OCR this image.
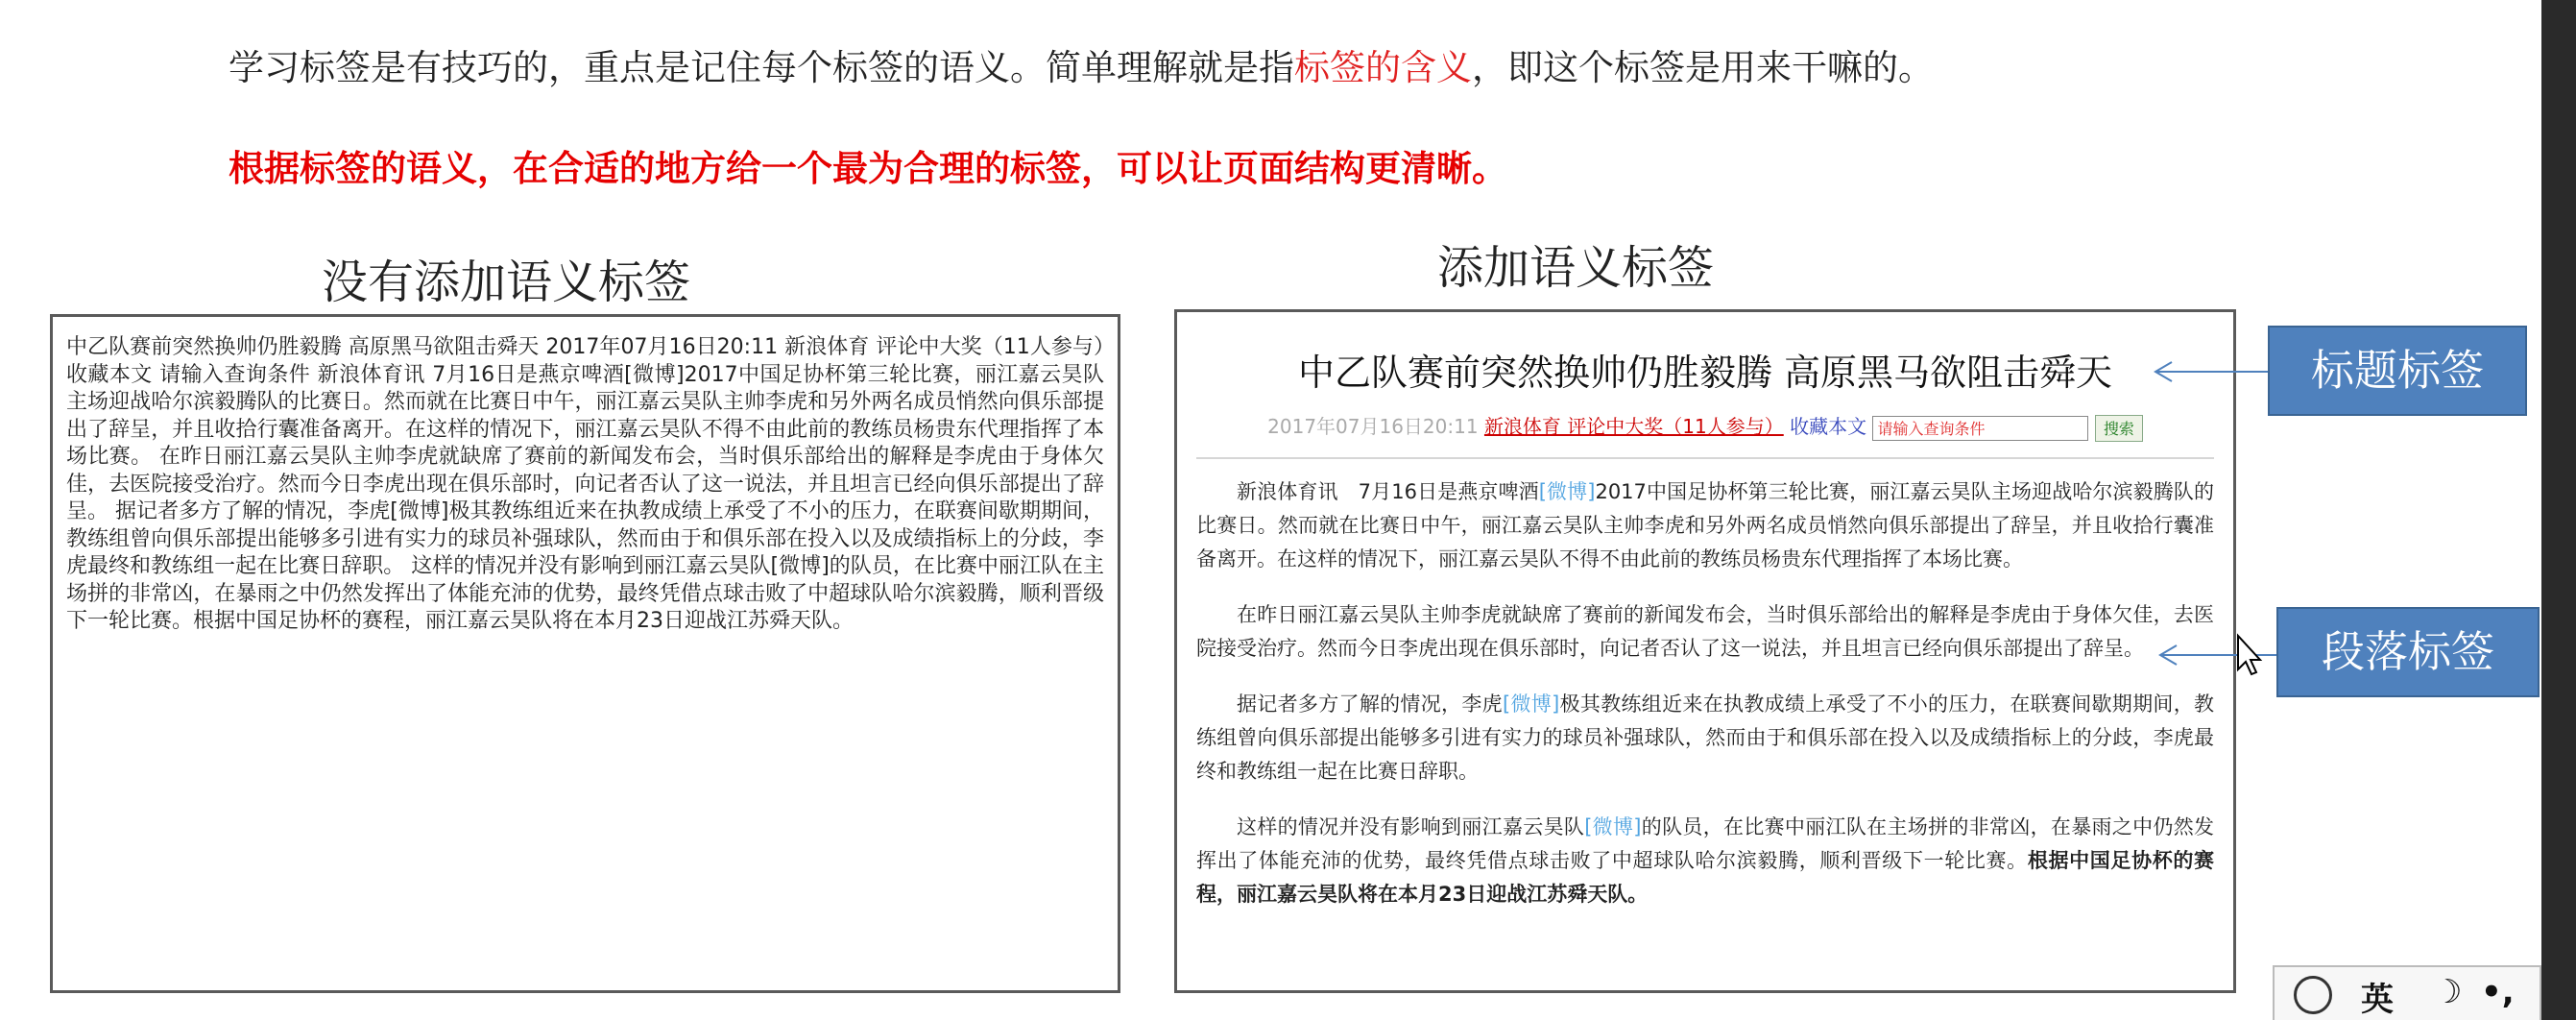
学习标签是有技巧的，重点是记住每个标签的语义。简单理解就是指标签的含义，即这个标签是用来干嘛的。
根据标签的语义，在合适的地方给一个最为合理的标签，可以让页面结构更清晰。
没有添加语义标签	添加语义标签
中乙队赛前突然换帅仍胜毅腾 高原黑马欲阻击舜天 2017年07月16日20:11 新浪体育 评论中大奖（11人参与）收藏本文 请输入查询条件 新浪体育讯 7月16日是燕京啤酒[微博]2017中国足协杯第三轮比赛，丽江嘉云昊队主场迎战哈尔滨毅腾队的比赛日。然而就在比赛日中午，丽江嘉云昊队主帅李虎和另外两名成员悄然向俱乐部提出了辞呈，并且收拾行囊准备离开。在这样的情况下，丽江嘉云昊队不得不由此前的教练员杨贵东代理指挥了本场比赛。 在昨日丽江嘉云昊队主帅李虎就缺席了赛前的新闻发布会，当时俱乐部给出的解释是李虎由于身体欠佳，去医院接受治疗。然而今日李虎出现在俱乐部时，向记者否认了这一说法，并且坦言已经向俱乐部提出了辞呈。 据记者多方了解的情况，李虎[微博]极其教练组近来在执教成绩上承受了不小的压力，在联赛间歇期期间，教练组曾向俱乐部提出能够多引进有实力的球员补强球队，然而由于和俱乐部在投入以及成绩指标上的分歧，李虎最终和教练组一起在比赛日辞职。 这样的情况并没有影响到丽江嘉云昊队[微博]的队员，在比赛中丽江队在主场拼的非常凶，在暴雨之中仍然发挥出了体能充沛的优势，最终凭借点球击败了中超球队哈尔滨毅腾，顺利晋级下一轮比赛。根据中国足协杯的赛程，丽江嘉云昊队将在本月23日迎战江苏舜天队。
中乙队赛前突然换帅仍胜毅腾 高原黑马欲阻击舜天
2017年07月16日20:11 新浪体育 评论中大奖（11人参与） 收藏本文 请输入查询条件	搜索

新浪体育讯　7月16日是燕京啤酒[微博]2017中国足协杯第三轮比赛，丽江嘉云昊队主场迎战哈尔滨毅腾队的比赛日。然而就在比赛日中午，丽江嘉云昊队主帅李虎和另外两名成员悄然向俱乐部提出了辞呈，并且收拾行囊准备离开。在这样的情况下，丽江嘉云昊队不得不由此前的教练员杨贵东代理指挥了本场比赛。

在昨日丽江嘉云昊队主帅李虎就缺席了赛前的新闻发布会，当时俱乐部给出的解释是李虎由于身体欠佳，去医院接受治疗。然而今日李虎出现在俱乐部时，向记者否认了这一说法，并且坦言已经向俱乐部提出了辞呈。

据记者多方了解的情况，李虎[微博]极其教练组近来在执教成绩上承受了不小的压力，在联赛间歇期期间，教练组曾向俱乐部提出能够多引进有实力的球员补强球队，然而由于和俱乐部在投入以及成绩指标上的分歧，李虎最终和教练组一起在比赛日辞职。

这样的情况并没有影响到丽江嘉云昊队[微博]的队员，在比赛中丽江队在主场拼的非常凶，在暴雨之中仍然发挥出了体能充沛的优势，最终凭借点球击败了中超球队哈尔滨毅腾，顺利晋级下一轮比赛。根据中国足协杯的赛程，丽江嘉云昊队将在本月23日迎战江苏舜天队。

标题标签
段落标签
英 ☽ •,
